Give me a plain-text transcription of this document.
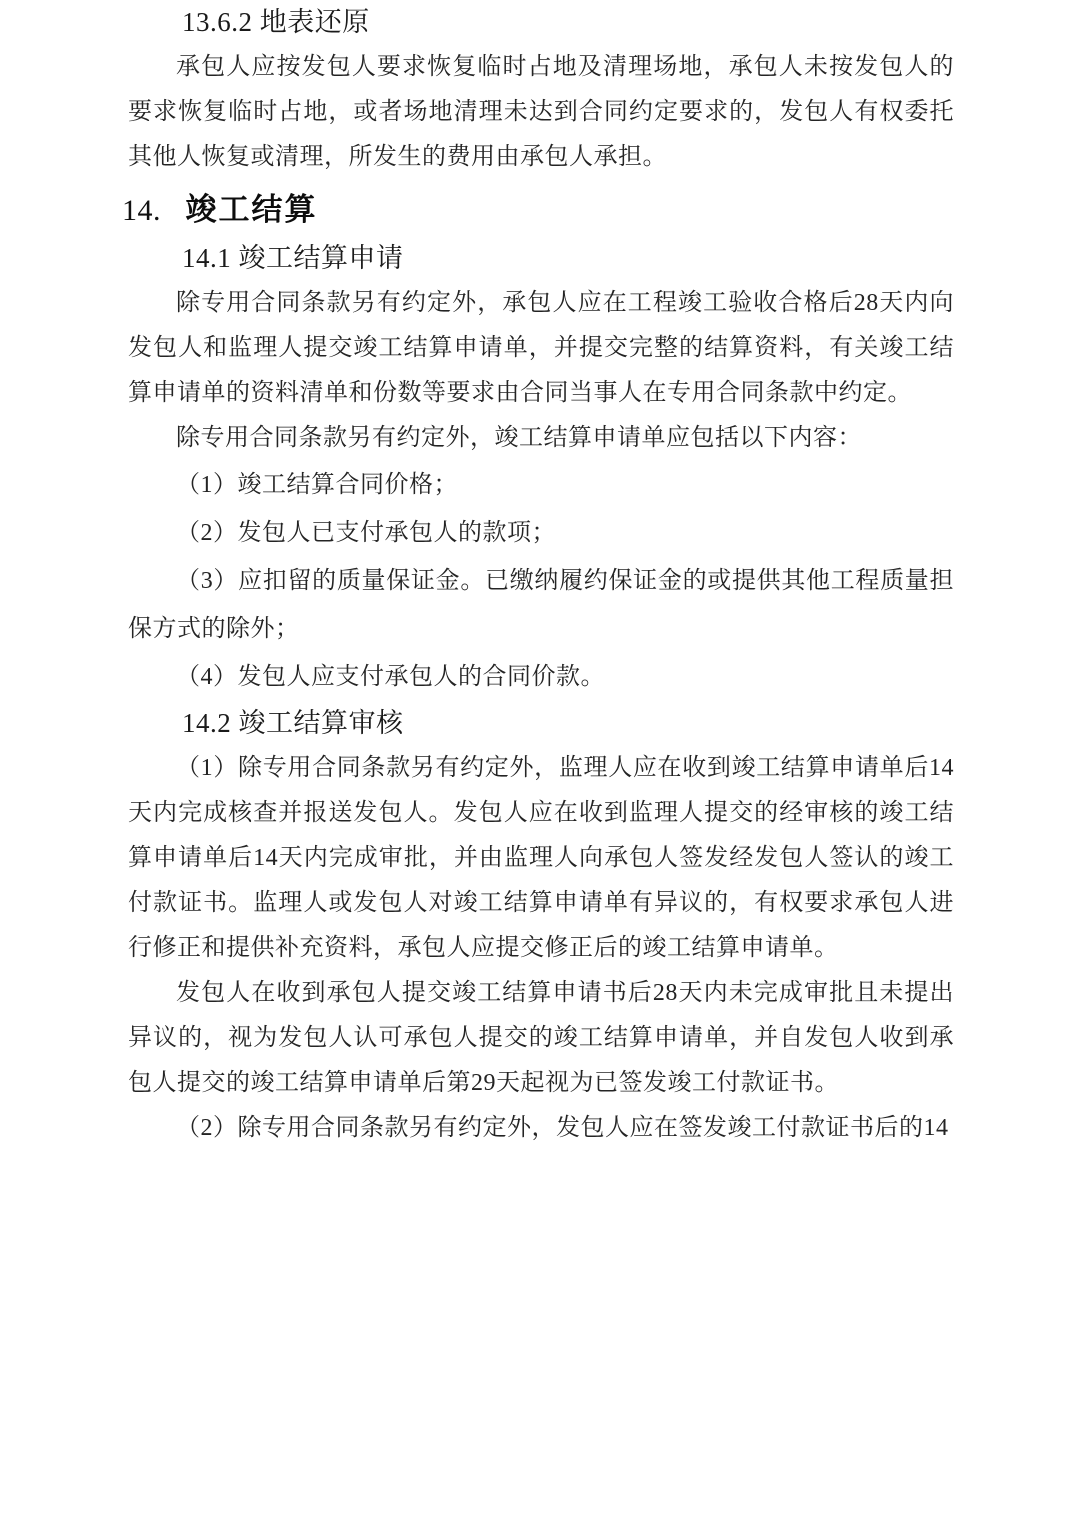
13.6.2 地表还原

承包人应按发包人要求恢复临时占地及清理场地，承包人未按发包人的要求恢复临时占地，或者场地清理未达到合同约定要求的，发包人有权委托其他人恢复或清理，所发生的费用由承包人承担。

14. 竣工结算
14.1 竣工结算申请

除专用合同条款另有约定外，承包人应在工程竣工验收合格后28天内向发包人和监理人提交竣工结算申请单，并提交完整的结算资料，有关竣工结算申请单的资料清单和份数等要求由合同当事人在专用合同条款中约定。

除专用合同条款另有约定外，竣工结算申请单应包括以下内容：

（1）竣工结算合同价格；

（2）发包人已支付承包人的款项；

（3）应扣留的质量保证金。已缴纳履约保证金的或提供其他工程质量担保方式的除外；

（4）发包人应支付承包人的合同价款。

14.2 竣工结算审核

（1）除专用合同条款另有约定外，监理人应在收到竣工结算申请单后14天内完成核查并报送发包人。发包人应在收到监理人提交的经审核的竣工结算申请单后14天内完成审批，并由监理人向承包人签发经发包人签认的竣工付款证书。监理人或发包人对竣工结算申请单有异议的，有权要求承包人进行修正和提供补充资料，承包人应提交修正后的竣工结算申请单。

发包人在收到承包人提交竣工结算申请书后28天内未完成审批且未提出异议的，视为发包人认可承包人提交的竣工结算申请单，并自发包人收到承包人提交的竣工结算申请单后第29天起视为已签发竣工付款证书。

（2）除专用合同条款另有约定外，发包人应在签发竣工付款证书后的14
